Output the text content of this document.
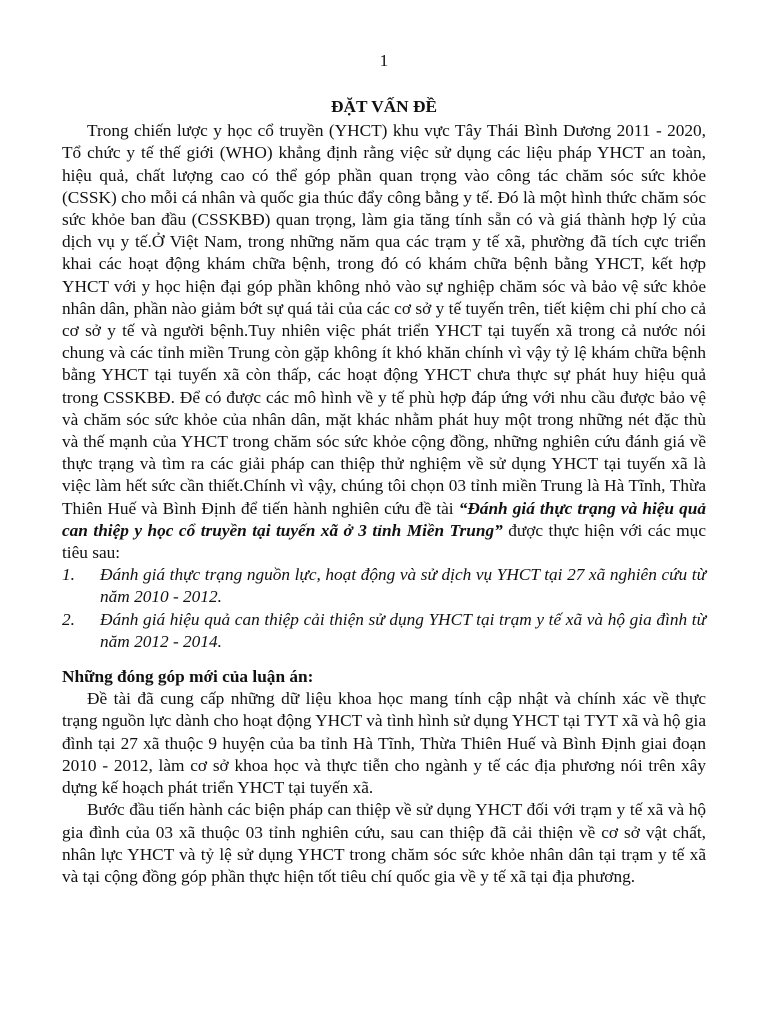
1
ĐẶT VẤN ĐỀ

Trong chiến lược y học cổ truyền (YHCT) khu vực Tây Thái Bình Dương 2011 - 2020, Tổ chức y tế thế giới (WHO) khẳng định rằng việc sử dụng các liệu pháp YHCT an toàn, hiệu quả, chất lượng cao có thể góp phần quan trọng vào công tác chăm sóc sức khỏe (CSSK) cho mỗi cá nhân và quốc gia thúc đẩy công bằng y tế. Đó là một hình thức chăm sóc sức khỏe ban đầu (CSSKBĐ) quan trọng, làm gia tăng tính sẵn có và giá thành hợp lý của dịch vụ y tế.Ở Việt Nam, trong những năm qua các trạm y tế xã, phường đã tích cực triển khai các hoạt động khám chữa bệnh, trong đó có khám chữa bệnh bằng YHCT, kết hợp YHCT với y học hiện đại góp phần không nhỏ vào sự nghiệp chăm sóc và bảo vệ sức khỏe nhân dân, phần nào giảm bớt sự quá tải của các cơ sở y tế tuyến trên, tiết kiệm chi phí cho cả cơ sở y tế và người bệnh.Tuy nhiên việc phát triển YHCT tại tuyến xã trong cả nước nói chung và các tỉnh miền Trung còn gặp không ít khó khăn chính vì vậy tỷ lệ khám chữa bệnh bằng YHCT tại tuyến xã còn thấp, các hoạt động YHCT chưa thực sự phát huy hiệu quả trong CSSKBĐ. Để có được các mô hình về y tế phù hợp đáp ứng với nhu cầu được bảo vệ và chăm sóc sức khỏe của nhân dân, mặt khác nhằm phát huy một trong những nét đặc thù và thế mạnh của YHCT trong chăm sóc sức khỏe cộng đồng, những nghiên cứu đánh giá về thực trạng và tìm ra các giải pháp can thiệp thử nghiệm về sử dụng YHCT tại tuyến xã là việc làm hết sức cần thiết.Chính vì vậy, chúng tôi chọn 03 tỉnh miền Trung là Hà Tĩnh, Thừa Thiên Huế và Bình Định để tiến hành nghiên cứu đề tài “Đánh giá thực trạng và hiệu quả can thiệp y học cổ truyền tại tuyến xã ở 3 tỉnh Miền Trung” được thực hiện với các mục tiêu sau:

1. Đánh giá thực trạng nguồn lực, hoạt động và sử dịch vụ YHCT tại 27 xã nghiên cứu từ năm 2010 - 2012.
2. Đánh giá hiệu quả can thiệp cải thiện sử dụng YHCT tại trạm y tế xã và hộ gia đình từ năm 2012 - 2014.
Những đóng góp mới của luận án:

Đề tài đã cung cấp những dữ liệu khoa học mang tính cập nhật và chính xác về thực trạng nguồn lực dành cho hoạt động YHCT và tình hình sử dụng YHCT tại TYT xã và hộ gia đình tại 27 xã thuộc 9 huyện của ba tỉnh Hà Tĩnh, Thừa Thiên Huế và Bình Định giai đoạn 2010 - 2012, làm cơ sở khoa học và thực tiễn cho ngành y tế các địa phương nói trên xây dựng kế hoạch phát triển YHCT tại tuyến xã.

Bước đầu tiến hành các biện pháp can thiệp về sử dụng YHCT đối với trạm y tế xã và hộ gia đình của 03 xã thuộc 03 tỉnh nghiên cứu, sau can thiệp đã cải thiện về cơ sở vật chất, nhân lực YHCT và tỷ lệ sử dụng YHCT trong chăm sóc sức khỏe nhân dân tại trạm y tế xã và tại cộng đồng góp phần thực hiện tốt tiêu chí quốc gia về y tế xã tại địa phương.
